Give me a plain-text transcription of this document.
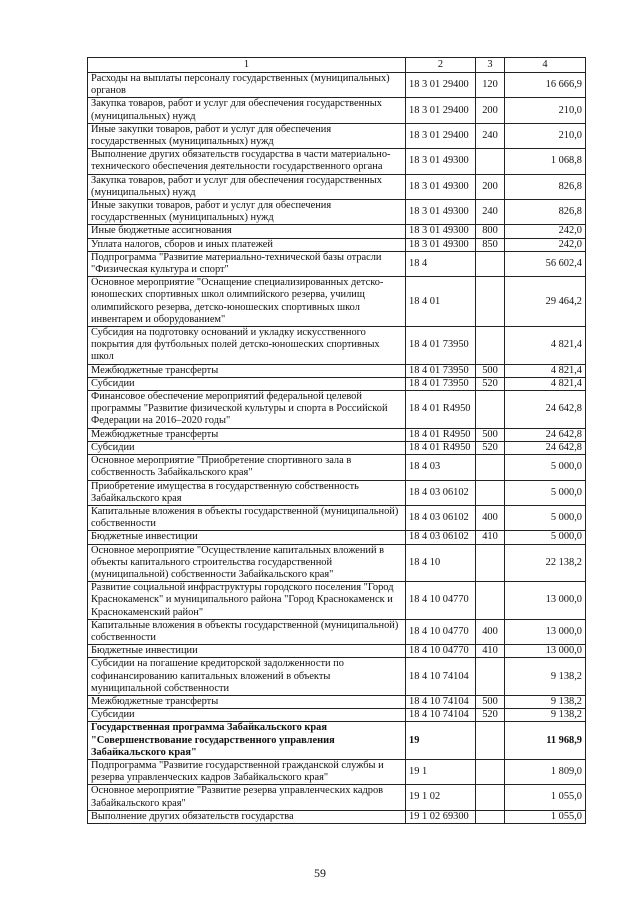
1	2	3	4
Расходы на выплаты персоналу государственных (муниципальных) органов	18 3 01 29400	120	16 666,9
Закупка товаров, работ и услуг для обеспечения государственных (муниципальных) нужд	18 3 01 29400	200	210,0
Иные закупки товаров, работ и услуг для обеспечения государственных (муниципальных) нужд	18 3 01 29400	240	210,0
Выполнение других обязательств государства в части материально-технического обеспечения деятельности государственного органа	18 3 01 49300		1 068,8
Закупка товаров, работ и услуг для обеспечения государственных (муниципальных) нужд	18 3 01 49300	200	826,8
Иные закупки товаров, работ и услуг для обеспечения государственных (муниципальных) нужд	18 3 01 49300	240	826,8
Иные бюджетные ассигнования	18 3 01 49300	800	242,0
Уплата налогов, сборов и иных платежей	18 3 01 49300	850	242,0
Подпрограмма "Развитие материально-технической базы отрасли "Физическая культура и спорт"	18 4		56 602,4
Основное мероприятие "Оснащение специализированных детско-юношеских спортивных школ олимпийского резерва, училищ олимпийского резерва, детско-юношеских спортивных школ инвентарем и оборудованием"	18 4 01		29 464,2
Субсидия на подготовку оснований и укладку искусственного покрытия для футбольных полей детско-юношеских спортивных школ	18 4 01 73950		4 821,4
Межбюджетные трансферты	18 4 01 73950	500	4 821,4
Субсидии	18 4 01 73950	520	4 821,4
Финансовое обеспечение мероприятий федеральной целевой программы "Развитие физической культуры и спорта в Российской Федерации на 2016–2020 годы"	18 4 01 R4950		24 642,8
Межбюджетные трансферты	18 4 01 R4950	500	24 642,8
Субсидии	18 4 01 R4950	520	24 642,8
Основное мероприятие "Приобретение спортивного зала в собственность Забайкальского края"	18 4 03		5 000,0
Приобретение имущества в государственную собственность Забайкальского края	18 4 03 06102		5 000,0
Капитальные вложения в объекты государственной (муниципальной) собственности	18 4 03 06102	400	5 000,0
Бюджетные инвестиции	18 4 03 06102	410	5 000,0
Основное мероприятие "Осуществление капитальных вложений в объекты капитального строительства государственной (муниципальной) собственности Забайкальского края"	18 4 10		22 138,2
Развитие социальной инфраструктуры городского поселения "Город Краснокаменск" и муниципального района "Город Краснокаменск и Краснокаменский район"	18 4 10 04770		13 000,0
Капитальные вложения в объекты государственной (муниципальной) собственности	18 4 10 04770	400	13 000,0
Бюджетные инвестиции	18 4 10 04770	410	13 000,0
Субсидии на погашение кредиторской задолженности по софинансированию капитальных вложений в объекты муниципальной собственности	18 4 10 74104		9 138,2
Межбюджетные трансферты	18 4 10 74104	500	9 138,2
Субсидии	18 4 10 74104	520	9 138,2
Государственная программа Забайкальского края "Совершенствование государственного управления Забайкальского края"	19		11 968,9
Подпрограмма "Развитие государственной гражданской службы и резерва управленческих кадров Забайкальского края"	19 1		1 809,0
Основное мероприятие "Развитие резерва управленческих кадров Забайкальского края"	19 1 02		1 055,0
Выполнение других обязательств государства	19 1 02 69300		1 055,0
59
